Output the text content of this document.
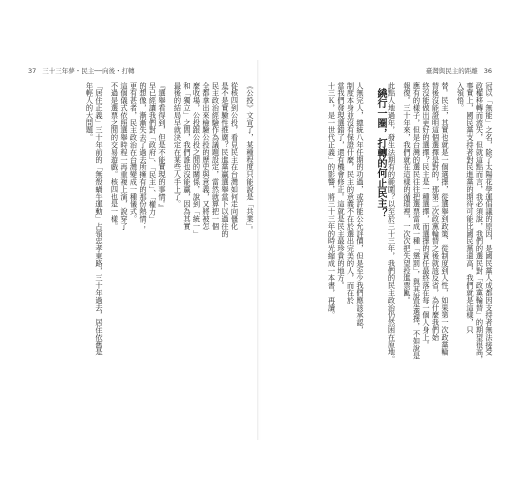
37 三十三年夢・民主──向後・打轉
《公投》文宣了，某種程度只能說是「共業」。
從核四到公投，看見民主在台灣如何走向僵化
是不是實驗性推廣？民進黨贏選舉當下以過往的
民主政治經驗作為議題設定，當然就算把一個
全都拿出來檢驗公投的歷史與意義，又將被怎
麼收場，公投跟公投之間的關係，說到「統一」
和「獨立」之間，我們誰也沒能贏，因為其實
最後的結局早就決定在某些人手上了。
『選舉看得到，但是不能實現的事情。』
早已經讓我們對「政府」、「民主」、「權力」
的想像，漸漸失去了過去所擁有的那份熱情；
更有甚者，民主政治在台灣變成一種儀式。
這個儀式依照選舉時程一再重複上演，說穿了
不過是選票之間的交易遊戲。核四也是一樣。
「居住正義」三十年前的「無殼蝸牛運動」占領忠孝東路，三十年過去，居住依舊是
年輕人的大問題。
臺灣與民主的距離 36
冠以「無能」之名，除了太陽花學運倡議的原因，是國民黨人成都因支持者無法接受
政權移轉而流失，但就這點而言，我必須說，我們的選民對「政黨輪替」的期望很高，
事實上，國民黨支持者對民進黨的期待可能比國民黨還高，我們就是這樣，只
入領悟。
替。民主，其實也就是一個選擇，從選舉到政策、從制度到人性，如果第一次政黨輪
替後沒能證明這個選擇是對的，那第二次政黨輪替之後就該反省，為什麼我們始
終沒能做出更好的選擇？民主是一種選擇，而選擇的責任最終落在每一個人身上。
應有的樣子，但是台灣的選民往往把選票當成一種「懲罰」，與其說是選擇，不如說是
報復。三十年來，我們就在這樣的循環裡，一次次把失望投進票匭。
此點人地過年，發生法期有的範圍？以至於三十三年，我們的民主政治仍然困在原地。
繞行一圈，打轉的何止民主？
人無完人，總統八年任期的功過，或許能公允評價，但是至少我們應該承認，
制度本身並沒有保證什麼，民主的意義不在於選出完美的人，而在於
當我們發現選錯了，還有機會修正。這就是民主最珍貴的地方。
十三Ｋ，是一世代正義」的影響，將三十三年的時光縮成一本書，再讀。
